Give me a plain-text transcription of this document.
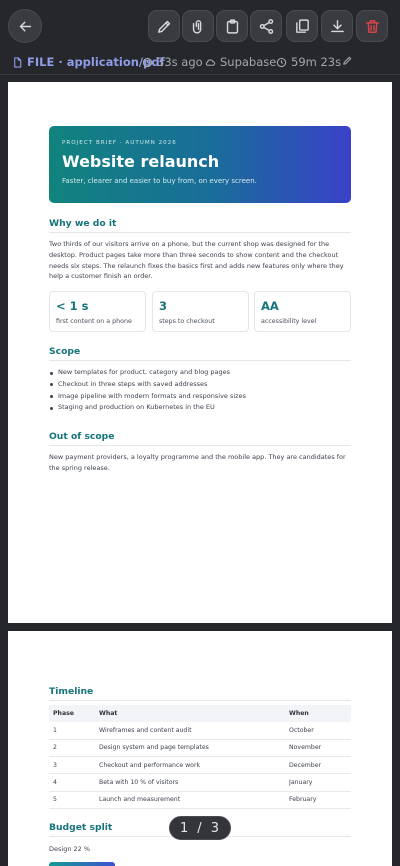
FILE · application/pdf
33s ago Supabase 59m 23s
PROJECT BRIEF · AUTUMN 2026
Website relaunch
Faster, clearer and easier to buy from, on every screen.
Why we do it
Two thirds of our visitors arrive on a phone, but the current shop was designed for the desktop. Product pages take more than three seconds to show content and the checkout needs six steps. The relaunch fixes the basics first and adds new features only where they help a customer finish an order.
< 1 s
first content on a phone
3
steps to checkout
AA
accessibility level
Scope
New templates for product, category and blog pages
Checkout in three steps with saved addresses
Image pipeline with modern formats and responsive sizes
Staging and production on Kubernetes in the EU
Out of scope
New payment providers, a loyalty programme and the mobile app. They are candidates for the spring release.
Timeline
Phase	What	When
1	Wireframes and content audit	October
2	Design system and page templates	November
3	Checkout and performance work	December
4	Beta with 10 % of visitors	January
5	Launch and measurement	February
Budget split
Design 22 %
1 / 3
